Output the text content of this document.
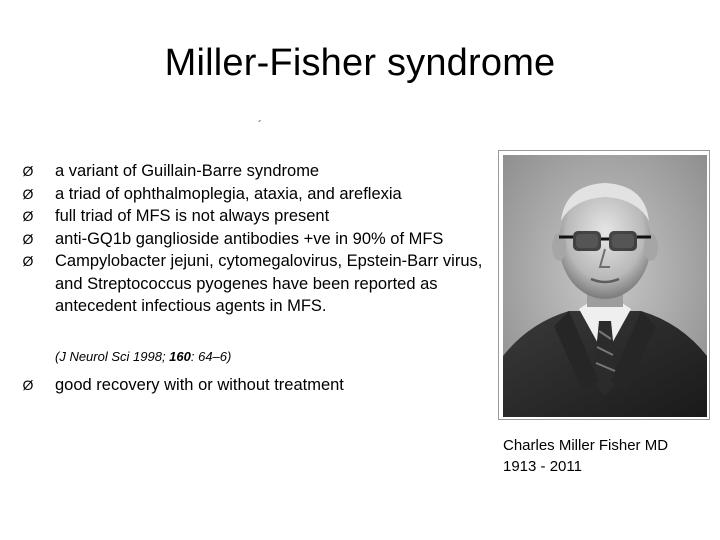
Miller-Fisher syndrome
´
Ø a variant of Guillain-Barre syndrome
Ø a triad of ophthalmoplegia, ataxia, and areflexia
Ø full triad of MFS is not always present
Ø anti-GQ1b ganglioside antibodies +ve in 90% of MFS
Ø Campylobacter jejuni, cytomegalovirus, Epstein-Barr virus, and Streptococcus pyogenes have been reported as antecedent infectious agents in MFS.
(J Neurol Sci 1998; 160: 64–6)
Ø good recovery with or without treatment
Charles Miller Fisher MD
1913 - 2011
